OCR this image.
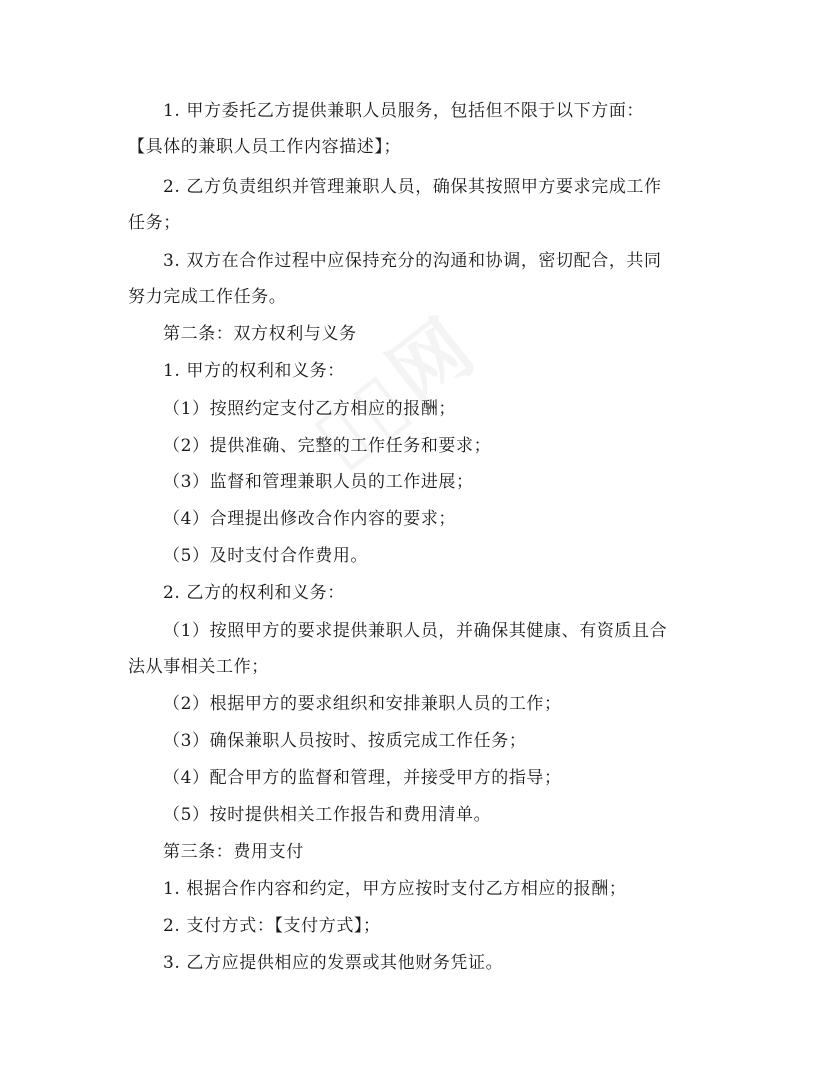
1. 甲方委托乙方提供兼职人员服务，包括但不限于以下方面：
【具体的兼职人员工作内容描述】；
2. 乙方负责组织并管理兼职人员，确保其按照甲方要求完成工作
任务；
3. 双方在合作过程中应保持充分的沟通和协调，密切配合，共同
努力完成工作任务。
第二条：双方权利与义务
1. 甲方的权利和义务：
（1）按照约定支付乙方相应的报酬；
（2）提供准确、完整的工作任务和要求；
（3）监督和管理兼职人员的工作进展；
（4）合理提出修改合作内容的要求；
（5）及时支付合作费用。
2. 乙方的权利和义务：
（1）按照甲方的要求提供兼职人员，并确保其健康、有资质且合
法从事相关工作；
（2）根据甲方的要求组织和安排兼职人员的工作；
（3）确保兼职人员按时、按质完成工作任务；
（4）配合甲方的监督和管理，并接受甲方的指导；
（5）按时提供相关工作报告和费用清单。
第三条：费用支付
1. 根据合作内容和约定，甲方应按时支付乙方相应的报酬；
2. 支付方式：【支付方式】；
3. 乙方应提供相应的发票或其他财务凭证。
